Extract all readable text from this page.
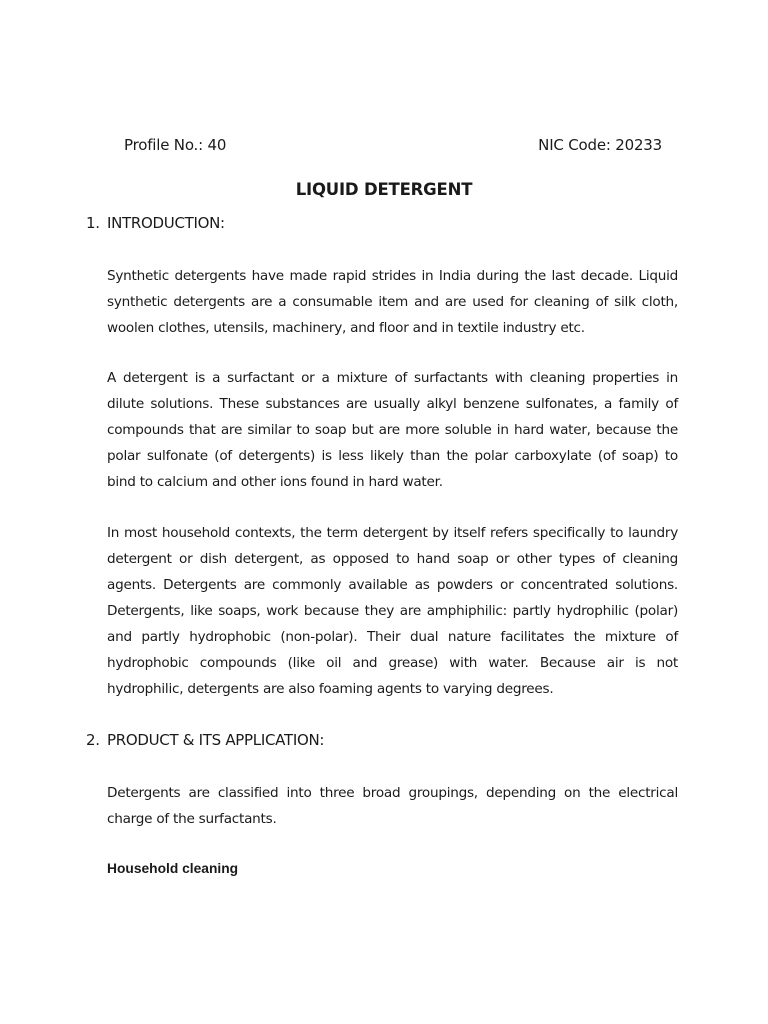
Profile No.: 40	NIC Code: 20233
LIQUID DETERGENT
1. INTRODUCTION:

Synthetic detergents have made rapid strides in India during the last decade. Liquid synthetic detergents are a consumable item and are used for cleaning of silk cloth, woolen clothes, utensils, machinery, and floor and in textile industry etc.

A detergent is a surfactant or a mixture of surfactants with cleaning properties in dilute solutions. These substances are usually alkyl benzene sulfonates, a family of compounds that are similar to soap but are more soluble in hard water, because the polar sulfonate (of detergents) is less likely than the polar carboxylate (of soap) to bind to calcium and other ions found in hard water.

In most household contexts, the term detergent by itself refers specifically to laundry detergent or dish detergent, as opposed to hand soap or other types of cleaning agents. Detergents are commonly available as powders or concentrated solutions. Detergents, like soaps, work because they are amphiphilic: partly hydrophilic (polar) and partly hydrophobic (non-polar). Their dual nature facilitates the mixture of hydrophobic compounds (like oil and grease) with water. Because air is not hydrophilic, detergents are also foaming agents to varying degrees.

2. PRODUCT & ITS APPLICATION:

Detergents are classified into three broad groupings, depending on the electrical charge of the surfactants.

Household cleaning
